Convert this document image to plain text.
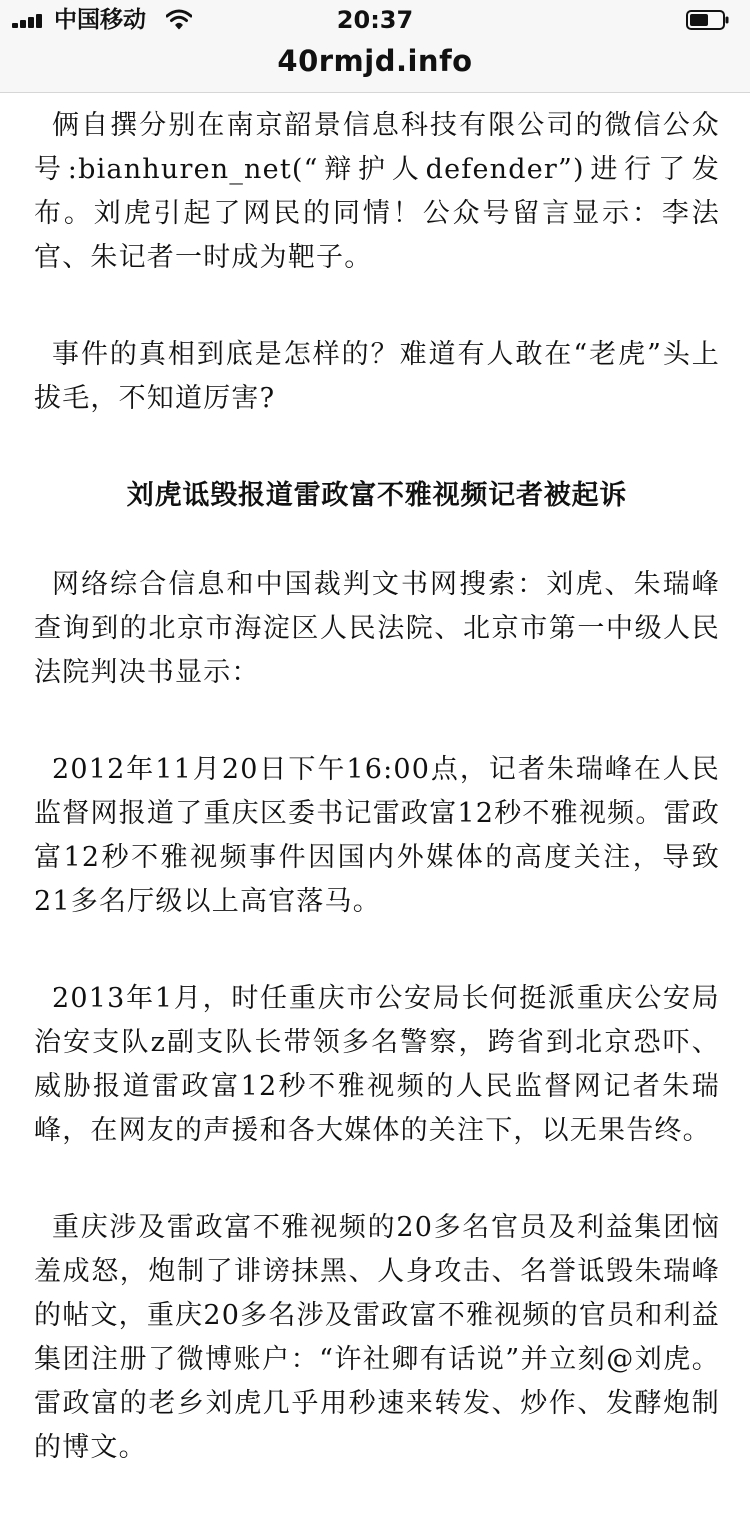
中国移动	20:37
40rmjd.info

俩自撰分别在南京韶景信息科技有限公司的微信公众号:bianhuren_net(“辩护人defender”)进行了发布。刘虎引起了网民的同情！公众号留言显示：李法官、朱记者一时成为靶子。

事件的真相到底是怎样的？难道有人敢在“老虎”头上拔毛，不知道厉害?

刘虎诋毁报道雷政富不雅视频记者被起诉

网络综合信息和中国裁判文书网搜索：刘虎、朱瑞峰查询到的北京市海淀区人民法院、北京市第一中级人民法院判决书显示：

2012年11月20日下午16:00点，记者朱瑞峰在人民监督网报道了重庆区委书记雷政富12秒不雅视频。雷政富12秒不雅视频事件因国内外媒体的高度关注，导致21多名厅级以上高官落马。

2013年1月，时任重庆市公安局长何挺派重庆公安局治安支队z副支队长带领多名警察，跨省到北京恐吓、威胁报道雷政富12秒不雅视频的人民监督网记者朱瑞峰，在网友的声援和各大媒体的关注下，以无果告终。

重庆涉及雷政富不雅视频的20多名官员及利益集团恼羞成怒，炮制了诽谤抹黑、人身攻击、名誉诋毁朱瑞峰的帖文，重庆20多名涉及雷政富不雅视频的官员和利益集团注册了微博账户：“许社卿有话说”并立刻@刘虎。雷政富的老乡刘虎几乎用秒速来转发、炒作、发酵炮制的博文。
